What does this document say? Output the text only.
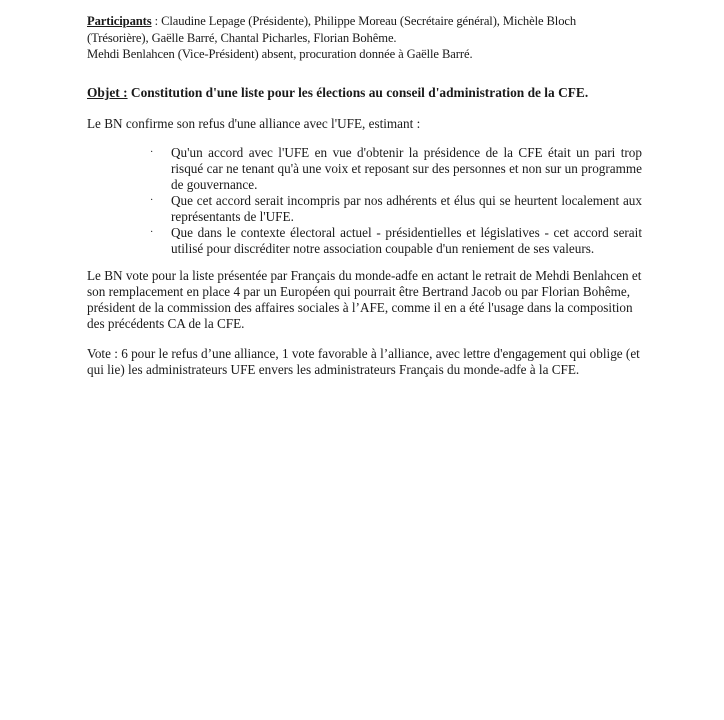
Participants : Claudine Lepage (Présidente), Philippe Moreau (Secrétaire général), Michèle Bloch
(Trésorière), Gaëlle Barré, Chantal Picharles, Florian Bohême.
Mehdi Benlahcen (Vice-Président) absent, procuration donnée à Gaëlle Barré.

Objet : Constitution d'une liste pour les élections au conseil d'administration de la CFE.

Le BN confirme son refus d'une alliance avec l'UFE, estimant :

· Qu'un accord avec l'UFE en vue d'obtenir la présidence de la CFE était un pari trop risqué car ne tenant qu'à une voix et reposant sur des personnes et non sur un programme de gouvernance.
· Que cet accord serait incompris par nos adhérents et élus qui se heurtent localement aux représentants de l'UFE.
· Que dans le contexte électoral actuel - présidentielles et législatives - cet accord serait utilisé pour discréditer notre association coupable d'un reniement de ses valeurs.

Le BN vote pour la liste présentée par Français du monde-adfe en actant le retrait de Mehdi Benlahcen et son remplacement en place 4 par un Européen qui pourrait être Bertrand Jacob ou par Florian Bohême, président de la commission des affaires sociales à l’AFE, comme il en a été l'usage dans la composition des précédents CA de la CFE.

Vote : 6 pour le refus d’une alliance, 1 vote favorable à l’alliance, avec lettre d'engagement qui oblige (et qui lie) les administrateurs UFE envers les administrateurs Français du monde-adfe à la CFE.
